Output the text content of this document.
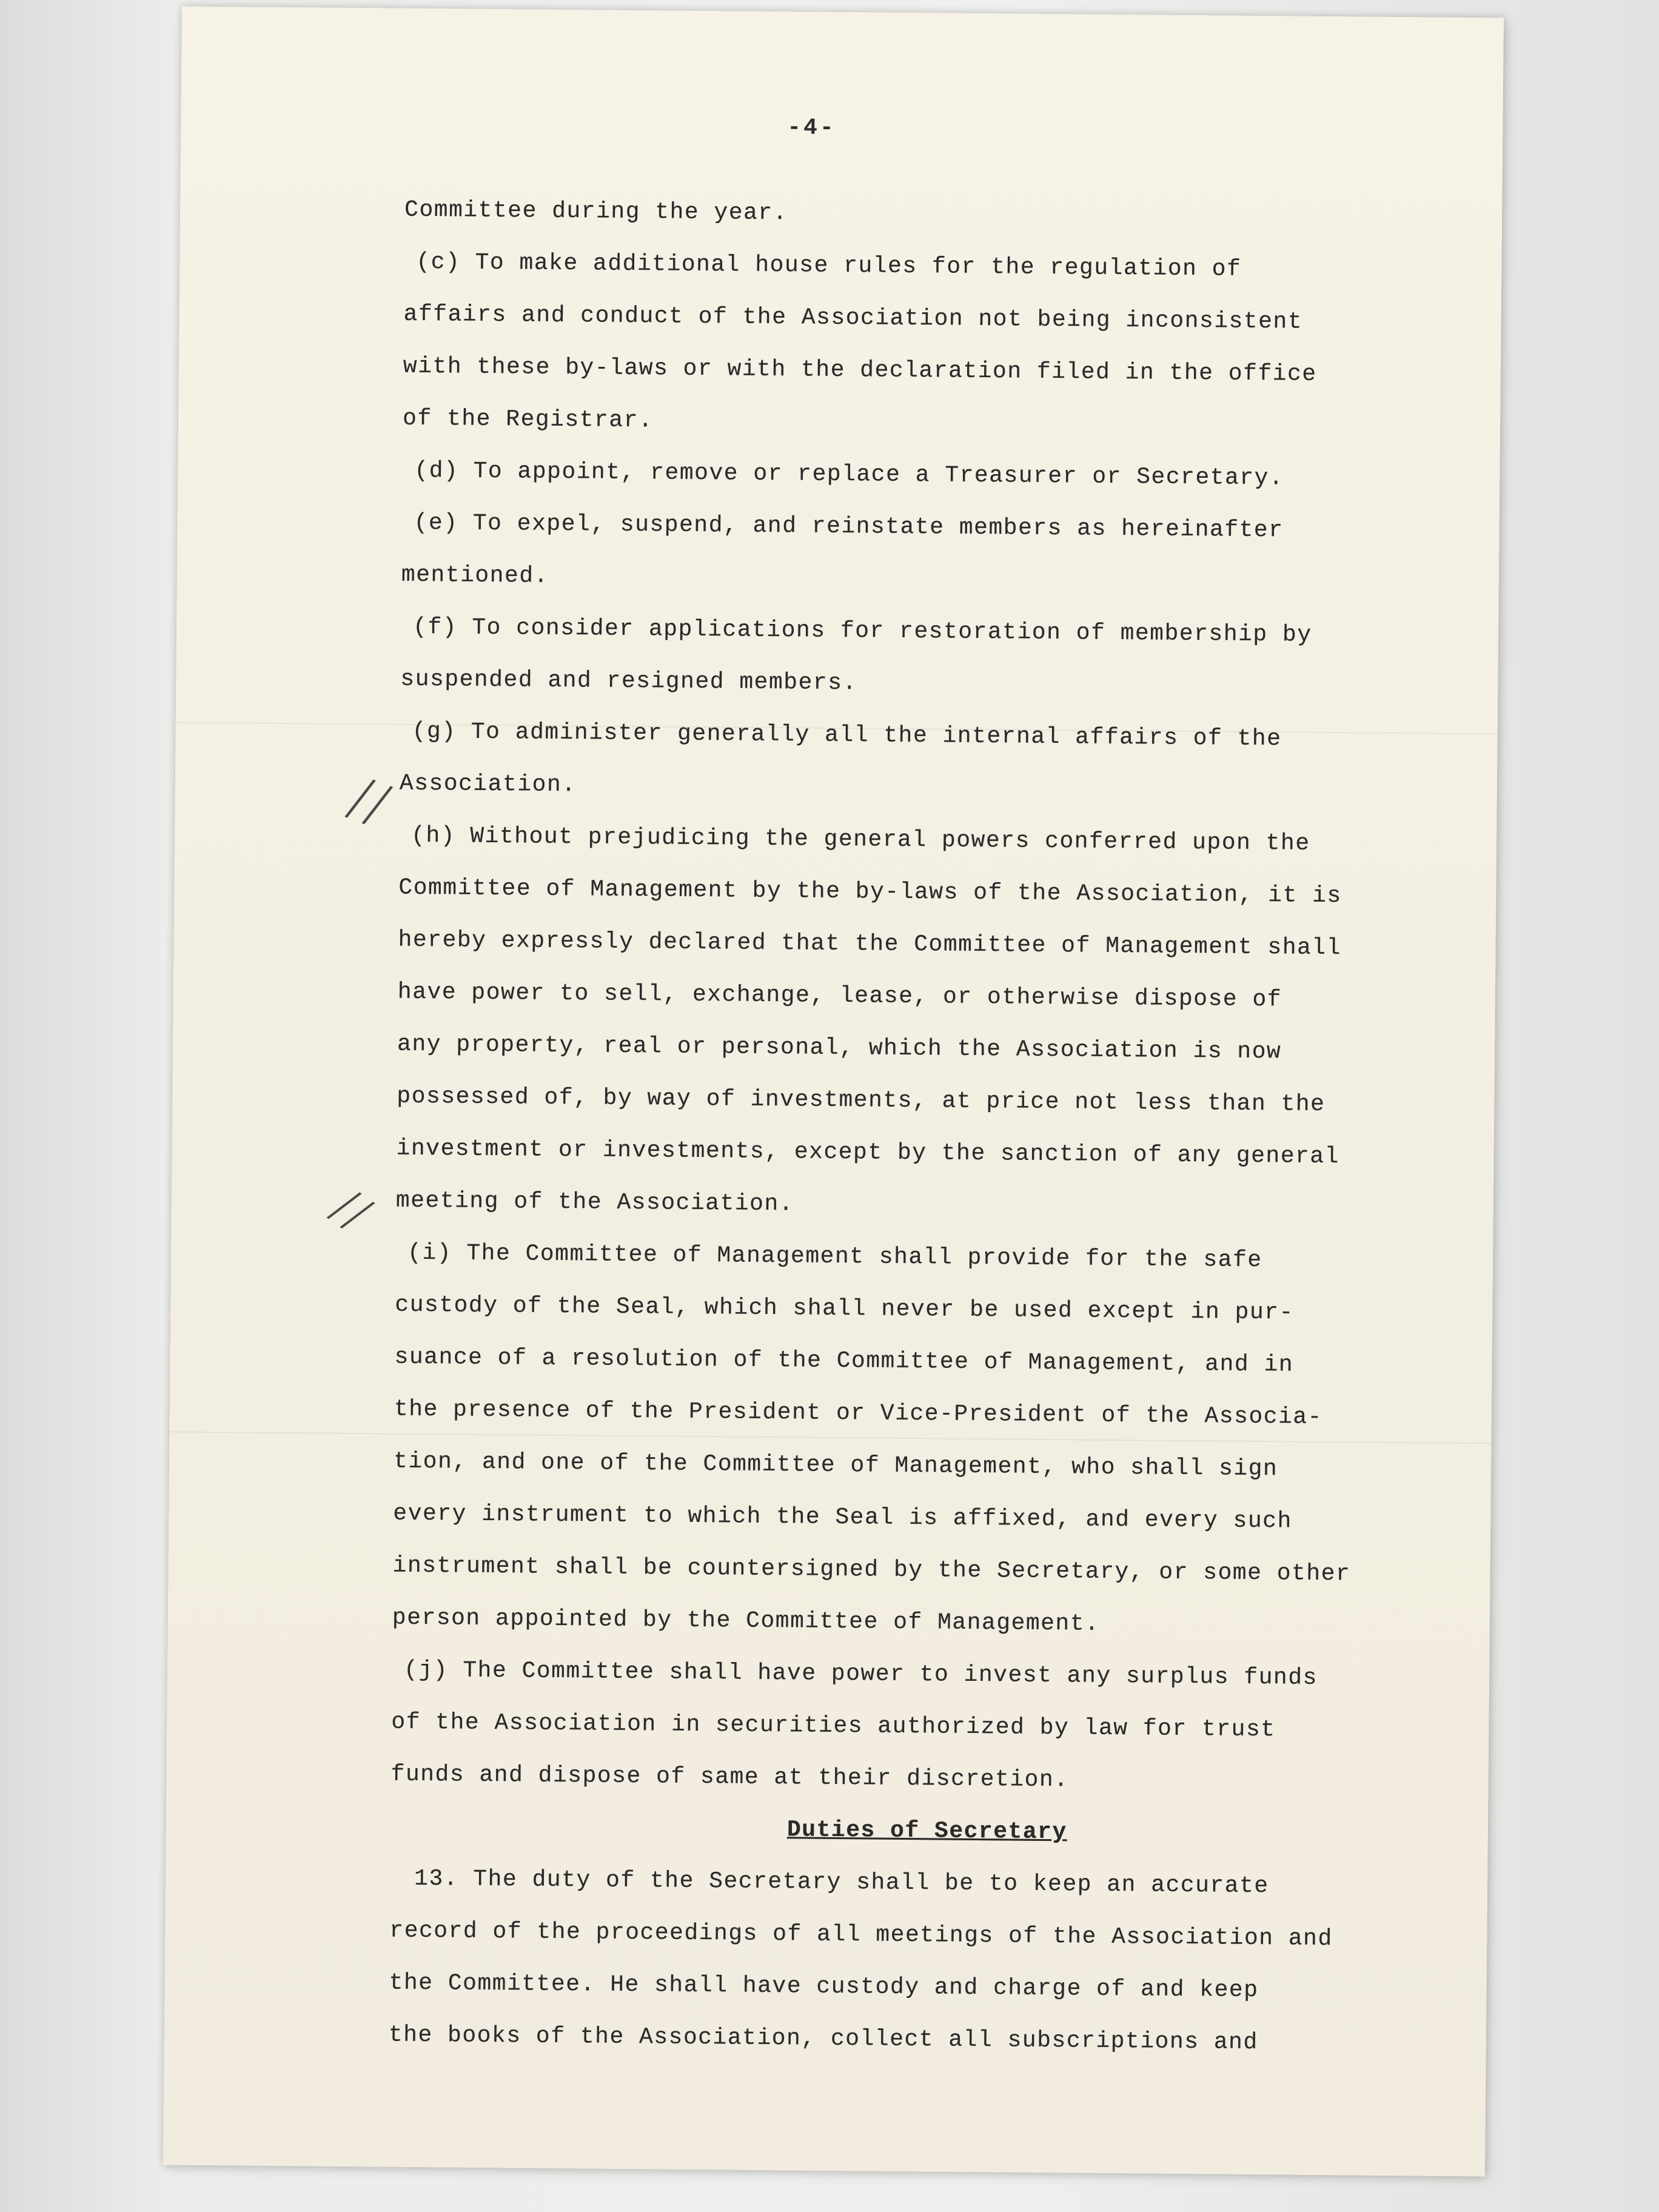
-4-
//
//
Committee during the year.
(c) To make additional house rules for the regulation of
affairs and conduct of the Association not being inconsistent
with these by-laws or with the declaration filed in the office
of the Registrar.
(d) To appoint, remove or replace a Treasurer or Secretary.
(e) To expel, suspend, and reinstate members as hereinafter
mentioned.
(f) To consider applications for restoration of membership by
suspended and resigned members.
(g) To administer generally all the internal affairs of the
Association.
(h) Without prejudicing the general powers conferred upon the
Committee of Management by the by-laws of the Association, it is
hereby expressly declared that the Committee of Management shall
have power to sell, exchange, lease, or otherwise dispose of
any property, real or personal, which the Association is now
possessed of, by way of investments, at price not less than the
investment or investments, except by the sanction of any general
meeting of the Association.
(i) The Committee of Management shall provide for the safe
custody of the Seal, which shall never be used except in pur-
suance of a resolution of the Committee of Management, and in
the presence of the President or Vice-President of the Associa-
tion, and one of the Committee of Management, who shall sign
every instrument to which the Seal is affixed, and every such
instrument shall be countersigned by the Secretary, or some other
person appointed by the Committee of Management.
(j) The Committee shall have power to invest any surplus funds
of the Association in securities authorized by law for trust
funds and dispose of same at their discretion.
Duties of Secretary
13. The duty of the Secretary shall be to keep an accurate
record of the proceedings of all meetings of the Association and
the Committee. He shall have custody and charge of and keep
the books of the Association, collect all subscriptions and
